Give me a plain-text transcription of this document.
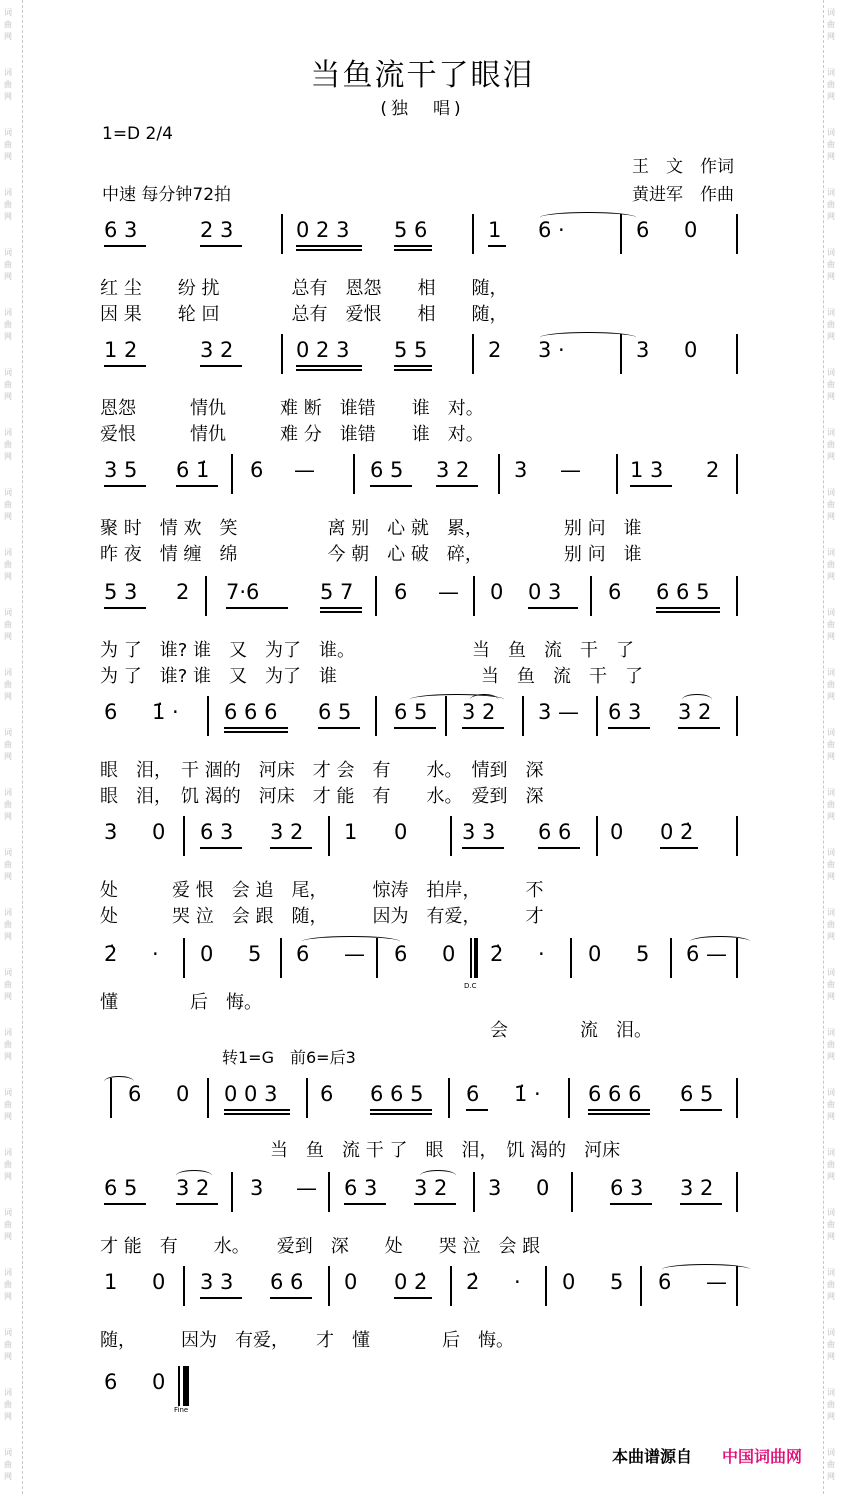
词
曲
网
词
曲
网
词
曲
网
词
曲
网
词
曲
网
词
曲
网
词
曲
网
词
曲
网
词
曲
网
词
曲
网
词
曲
网
词
曲
网
词
曲
网
词
曲
网
词
曲
网
词
曲
网
词
曲
网
词
曲
网
词
曲
网
词
曲
网
词
曲
网
词
曲
网
词
曲
网
词
曲
网
词
曲
网
词
曲
网
词
曲
网
词
曲
网
词
曲
网
词
曲
网
词
曲
网
词
曲
网
词
曲
网
词
曲
网
词
曲
网
词
曲
网
词
曲
网
词
曲
网
词
曲
网
词
曲
网
词
曲
网
词
曲
网
词
曲
网
词
曲
网
词
曲
网
词
曲
网
词
曲
网
词
曲
网
词
曲
网
词
曲
网
当鱼流干了眼泪
(独　唱)
1=D 2/4
王　文　作词
中速 每分钟72拍	黄进军　作曲
转1=G　前6=后3
6 3	2 3	0 2 3 5 6	1 6 ·	6 0
红 尘　　纷 扰　　　　总有　恩怨　　相　　随，
因 果　　轮 回　　　　总有　爱恨　　相　　随，
1 2	3 2	0 2 3 5 5	2 3 ·	3 0
恩怨　　　情仇　　　难 断　谁错　　谁　对。
爱恨　　　情仇　　　难 分　谁错　　谁　对。
3 5 6 1̇ 6 —	6 5 3 2 3 — 1 3 2
聚 时　情 欢　笑　　　　　离 别　心 就　累，　　　　　别 问　谁
昨 夜　情 缠　绵　　　　　今 朝　心 破　碎，　　　　　别 问　谁
5 3 2 7·6	5 7 6 — 0 0 3 6 6 6 5
为 了　谁? 谁　又　为了　谁。　　　　　　　当　鱼　流　干　了
为 了　谁? 谁　又　为了　谁　　　　　　　　当　鱼　流　干　了
6 1̇ · 6 6 6 6 5 6 5 3 2 3 — 6 3 3 2
眼　泪，　干 涸的　河床　才 会　有　　水。　情到　深
眼　泪，　饥 渴的　河床　才 能　有　　水。　爱到　深
3 0 6 3 3 2 1 0	3 3 6 6 0 0 2̇
处　　　爱 恨　会 追　尾，　　　惊涛　拍岸，　　　不
处　　　哭 泣　会 跟　随，　　　因为　有爱，　　　才
2̇ · 0 5 6 — 6 0 2̇ · 0 5 6 —
懂　　　　后　悔。
会　　　　流　泪。
6 0 0 0 3 6 6 6 5 6 1̇ · 6 6 6 6 5
当　鱼　流 干 了　眼　泪，　饥 渴的　河床
6 5 3 2 3 — 6 3 3 2 3 0	6 3 3 2
才 能　有　　水。　　爱到　深　　处　　哭 泣　会 跟
1 0 3 3 6 6 0 0 2̇ 2̇ · 0 5 6 —
随，　　　因为　有爱，　　才　懂　　　　后　悔。
6 0
D.C
Fine
本曲谱源自 中国词曲网
